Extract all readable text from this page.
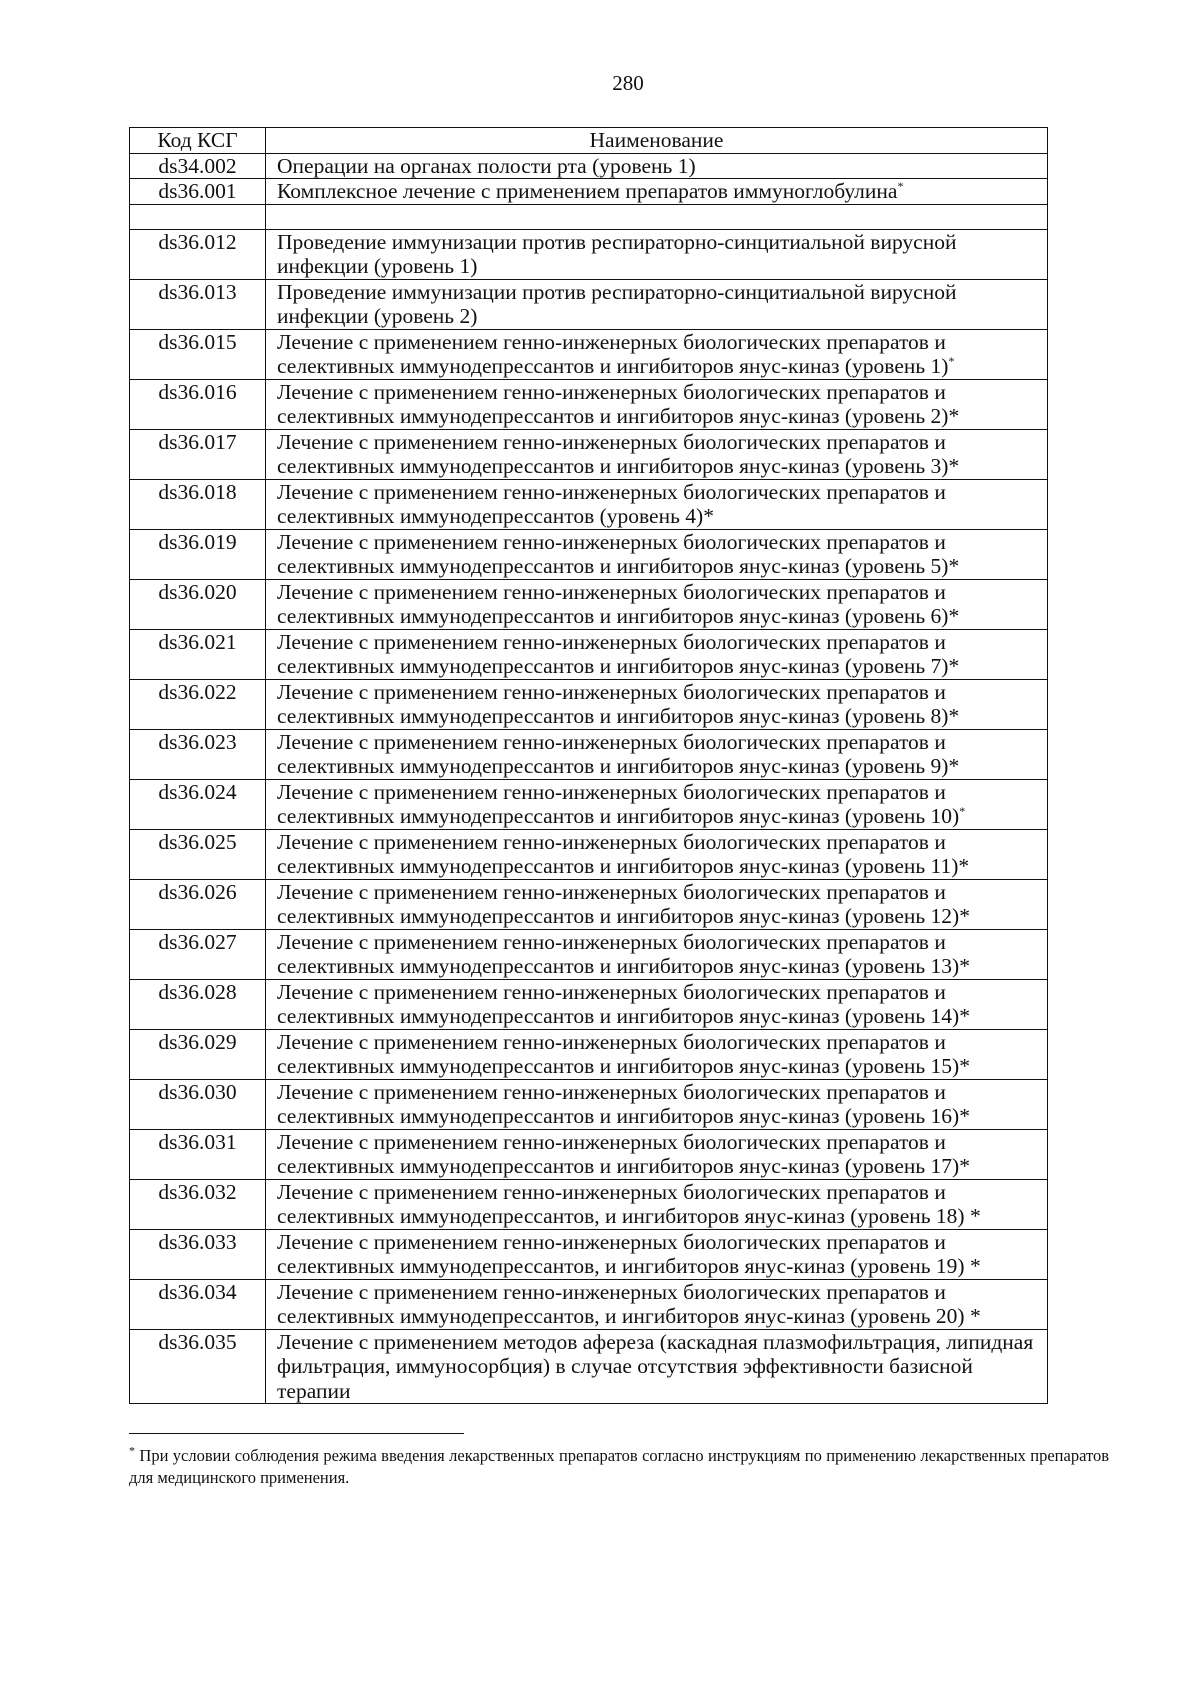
280
Код КСГ	Наименование
ds34.002	Операции на органах полости рта (уровень 1)
ds36.001	Комплексное лечение с применением препаратов иммуноглобулина*

ds36.012	Проведение иммунизации против респираторно-синцитиальной вирусной инфекции (уровень 1)
ds36.013	Проведение иммунизации против респираторно-синцитиальной вирусной инфекции (уровень 2)
ds36.015	Лечение с применением генно-инженерных биологических препаратов и селективных иммунодепрессантов и ингибиторов янус-киназ (уровень 1)*
ds36.016	Лечение с применением генно-инженерных биологических препаратов и селективных иммунодепрессантов и ингибиторов янус-киназ (уровень 2)*
ds36.017	Лечение с применением генно-инженерных биологических препаратов и селективных иммунодепрессантов и ингибиторов янус-киназ (уровень 3)*
ds36.018	Лечение с применением генно-инженерных биологических препаратов и селективных иммунодепрессантов (уровень 4)*
ds36.019	Лечение с применением генно-инженерных биологических препаратов и селективных иммунодепрессантов и ингибиторов янус-киназ (уровень 5)*
ds36.020	Лечение с применением генно-инженерных биологических препаратов и селективных иммунодепрессантов и ингибиторов янус-киназ (уровень 6)*
ds36.021	Лечение с применением генно-инженерных биологических препаратов и селективных иммунодепрессантов и ингибиторов янус-киназ (уровень 7)*
ds36.022	Лечение с применением генно-инженерных биологических препаратов и селективных иммунодепрессантов и ингибиторов янус-киназ (уровень 8)*
ds36.023	Лечение с применением генно-инженерных биологических препаратов и селективных иммунодепрессантов и ингибиторов янус-киназ (уровень 9)*
ds36.024	Лечение с применением генно-инженерных биологических препаратов и селективных иммунодепрессантов и ингибиторов янус-киназ (уровень 10)*
ds36.025	Лечение с применением генно-инженерных биологических препаратов и селективных иммунодепрессантов и ингибиторов янус-киназ (уровень 11)*
ds36.026	Лечение с применением генно-инженерных биологических препаратов и селективных иммунодепрессантов и ингибиторов янус-киназ (уровень 12)*
ds36.027	Лечение с применением генно-инженерных биологических препаратов и селективных иммунодепрессантов и ингибиторов янус-киназ (уровень 13)*
ds36.028	Лечение с применением генно-инженерных биологических препаратов и селективных иммунодепрессантов и ингибиторов янус-киназ (уровень 14)*
ds36.029	Лечение с применением генно-инженерных биологических препаратов и селективных иммунодепрессантов и ингибиторов янус-киназ (уровень 15)*
ds36.030	Лечение с применением генно-инженерных биологических препаратов и селективных иммунодепрессантов и ингибиторов янус-киназ (уровень 16)*
ds36.031	Лечение с применением генно-инженерных биологических препаратов и селективных иммунодепрессантов и ингибиторов янус-киназ (уровень 17)*
ds36.032	Лечение с применением генно-инженерных биологических препаратов и селективных иммунодепрессантов, и ингибиторов янус-киназ (уровень 18) *
ds36.033	Лечение с применением генно-инженерных биологических препаратов и селективных иммунодепрессантов, и ингибиторов янус-киназ (уровень 19) *
ds36.034	Лечение с применением генно-инженерных биологических препаратов и селективных иммунодепрессантов, и ингибиторов янус-киназ (уровень 20) *
ds36.035	Лечение с применением методов афереза (каскадная плазмофильтрация, липидная фильтрация, иммуносорбция) в случае отсутствия эффективности базисной терапии
* При условии соблюдения режима введения лекарственных препаратов согласно инструкциям по применению лекарственных препаратов для медицинского применения.
